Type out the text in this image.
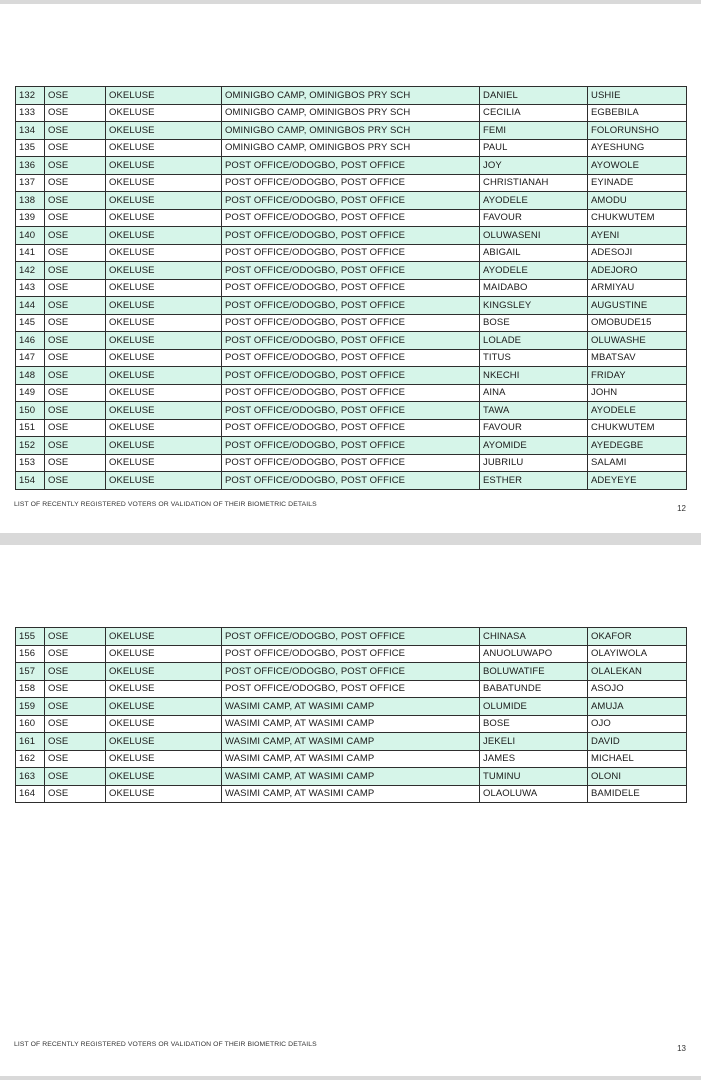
132	OSE	OKELUSE	OMINIGBO CAMP, OMINIGBOS PRY SCH	DANIEL	USHIE
133	OSE	OKELUSE	OMINIGBO CAMP, OMINIGBOS PRY SCH	CECILIA	EGBEBILA
134	OSE	OKELUSE	OMINIGBO CAMP, OMINIGBOS PRY SCH	FEMI	FOLORUNSHO
135	OSE	OKELUSE	OMINIGBO CAMP, OMINIGBOS PRY SCH	PAUL	AYESHUNG
136	OSE	OKELUSE	POST OFFICE/ODOGBO, POST OFFICE	JOY	AYOWOLE
137	OSE	OKELUSE	POST OFFICE/ODOGBO, POST OFFICE	CHRISTIANAH	EYINADE
138	OSE	OKELUSE	POST OFFICE/ODOGBO, POST OFFICE	AYODELE	AMODU
139	OSE	OKELUSE	POST OFFICE/ODOGBO, POST OFFICE	FAVOUR	CHUKWUTEM
140	OSE	OKELUSE	POST OFFICE/ODOGBO, POST OFFICE	OLUWASENI	AYENI
141	OSE	OKELUSE	POST OFFICE/ODOGBO, POST OFFICE	ABIGAIL	ADESOJI
142	OSE	OKELUSE	POST OFFICE/ODOGBO, POST OFFICE	AYODELE	ADEJORO
143	OSE	OKELUSE	POST OFFICE/ODOGBO, POST OFFICE	MAIDABO	ARMIYAU
144	OSE	OKELUSE	POST OFFICE/ODOGBO, POST OFFICE	KINGSLEY	AUGUSTINE
145	OSE	OKELUSE	POST OFFICE/ODOGBO, POST OFFICE	BOSE	OMOBUDE15
146	OSE	OKELUSE	POST OFFICE/ODOGBO, POST OFFICE	LOLADE	OLUWASHE
147	OSE	OKELUSE	POST OFFICE/ODOGBO, POST OFFICE	TITUS	MBATSAV
148	OSE	OKELUSE	POST OFFICE/ODOGBO, POST OFFICE	NKECHI	FRIDAY
149	OSE	OKELUSE	POST OFFICE/ODOGBO, POST OFFICE	AINA	JOHN
150	OSE	OKELUSE	POST OFFICE/ODOGBO, POST OFFICE	TAWA	AYODELE
151	OSE	OKELUSE	POST OFFICE/ODOGBO, POST OFFICE	FAVOUR	CHUKWUTEM
152	OSE	OKELUSE	POST OFFICE/ODOGBO, POST OFFICE	AYOMIDE	AYEDEGBE
153	OSE	OKELUSE	POST OFFICE/ODOGBO, POST OFFICE	JUBRILU	SALAMI
154	OSE	OKELUSE	POST OFFICE/ODOGBO, POST OFFICE	ESTHER	ADEYEYE
LIST OF RECENTLY REGISTERED VOTERS OR VALIDATION OF THEIR BIOMETRIC DETAILS	12
155	OSE	OKELUSE	POST OFFICE/ODOGBO, POST OFFICE	CHINASA	OKAFOR
156	OSE	OKELUSE	POST OFFICE/ODOGBO, POST OFFICE	ANUOLUWAPO	OLAYIWOLA
157	OSE	OKELUSE	POST OFFICE/ODOGBO, POST OFFICE	BOLUWATIFE	OLALEKAN
158	OSE	OKELUSE	POST OFFICE/ODOGBO, POST OFFICE	BABATUNDE	ASOJO
159	OSE	OKELUSE	WASIMI CAMP, AT WASIMI CAMP	OLUMIDE	AMUJA
160	OSE	OKELUSE	WASIMI CAMP, AT WASIMI CAMP	BOSE	OJO
161	OSE	OKELUSE	WASIMI CAMP, AT WASIMI CAMP	JEKELI	DAVID
162	OSE	OKELUSE	WASIMI CAMP, AT WASIMI CAMP	JAMES	MICHAEL
163	OSE	OKELUSE	WASIMI CAMP, AT WASIMI CAMP	TUMINU	OLONI
164	OSE	OKELUSE	WASIMI CAMP, AT WASIMI CAMP	OLAOLUWA	BAMIDELE
LIST OF RECENTLY REGISTERED VOTERS OR VALIDATION OF THEIR BIOMETRIC DETAILS	13
